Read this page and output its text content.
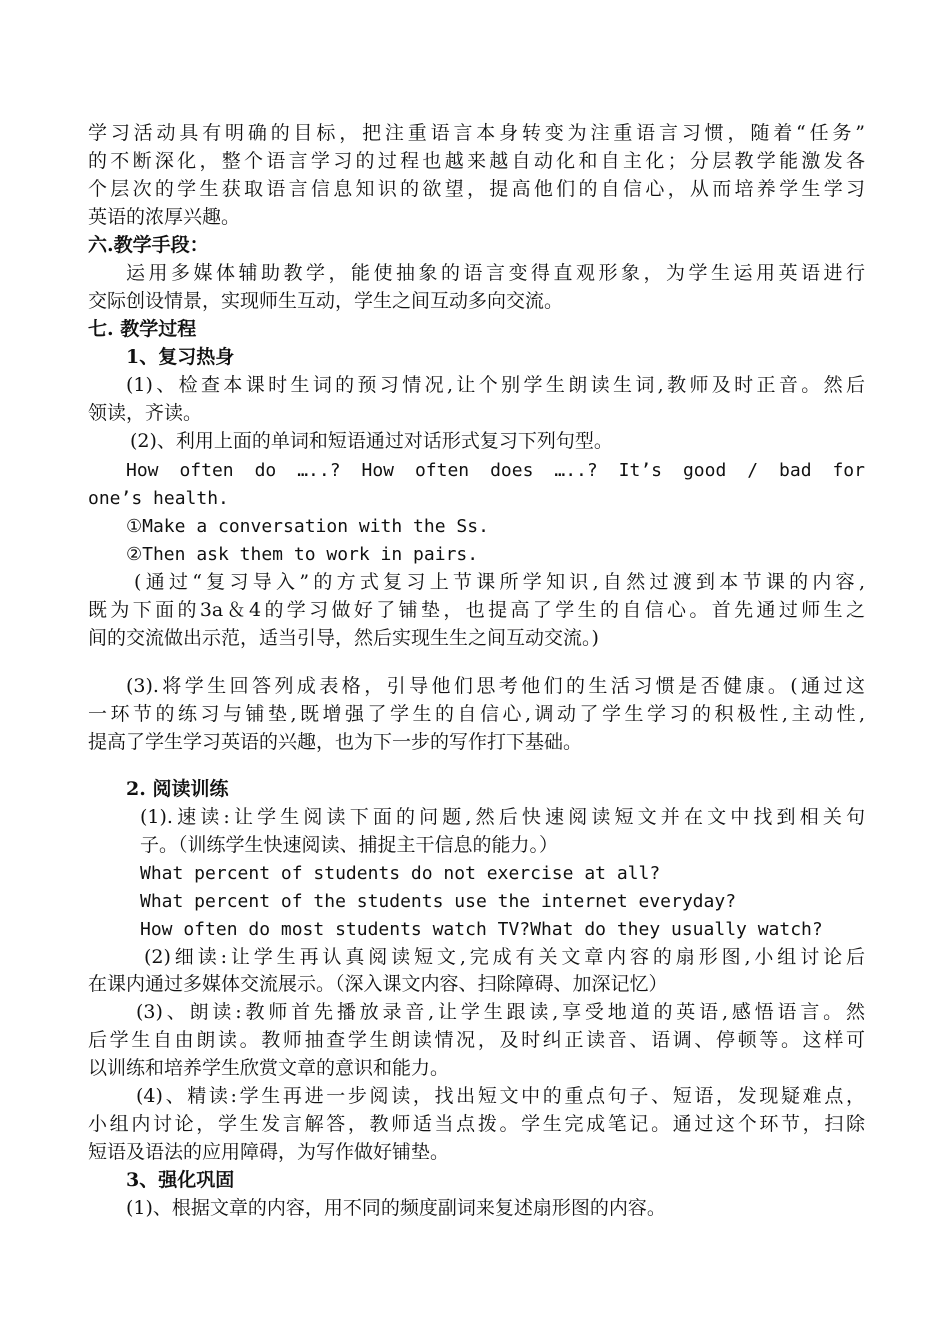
学习活动具有明确的目标，把注重语言本身转变为注重语言习惯，随着“任务”
的不断深化，整个语言学习的过程也越来越自动化和自主化；分层教学能激发各
个层次的学生获取语言信息知识的欲望，提高他们的自信心，从而培养学生学习
英语的浓厚兴趣。
六.教学手段：
运用多媒体辅助教学，能使抽象的语言变得直观形象，为学生运用英语进行
交际创设情景，实现师生互动，学生之间互动多向交流。
七. 教学过程
1、复习热身
(1)、检查本课时生词的预习情况,让个别学生朗读生词,教师及时正音。然后
领读，齐读。
(2)、利用上面的单词和短语通过对话形式复习下列句型。
How often do …..? How often does …..? It’s good / bad for
one’s health.
①Make a conversation with the Ss.
②Then ask them to work in pairs.
(通过“复习导入”的方式复习上节课所学知识,自然过渡到本节课的内容,
既为下面的3a＆4的学习做好了铺垫，也提高了学生的自信心。首先通过师生之
间的交流做出示范，适当引导，然后实现生生之间互动交流。)
(3).将学生回答列成表格，引导他们思考他们的生活习惯是否健康。(通过这
一环节的练习与铺垫,既增强了学生的自信心,调动了学生学习的积极性,主动性,
提高了学生学习英语的兴趣，也为下一步的写作打下基础。
2. 阅读训练
(1).速读:让学生阅读下面的问题,然后快速阅读短文并在文中找到相关句
子。（训练学生快速阅读、捕捉主干信息的能力。）
What percent of students do not exercise at all?
What percent of the students use the internet everyday?
How often do most students watch TV?What do they usually watch?
(2)细读:让学生再认真阅读短文,完成有关文章内容的扇形图,小组讨论后
在课内通过多媒体交流展示。（深入课文内容、扫除障碍、加深记忆）
(3)、朗读:教师首先播放录音,让学生跟读,享受地道的英语,感悟语言。然
后学生自由朗读。教师抽查学生朗读情况，及时纠正读音、语调、停顿等。这样可
以训练和培养学生欣赏文章的意识和能力。
(4)、精读:学生再进一步阅读，找出短文中的重点句子、短语，发现疑难点，
小组内讨论，学生发言解答，教师适当点拨。学生完成笔记。通过这个环节，扫除
短语及语法的应用障碍，为写作做好铺垫。
3、强化巩固
(1)、根据文章的内容，用不同的频度副词来复述扇形图的内容。
